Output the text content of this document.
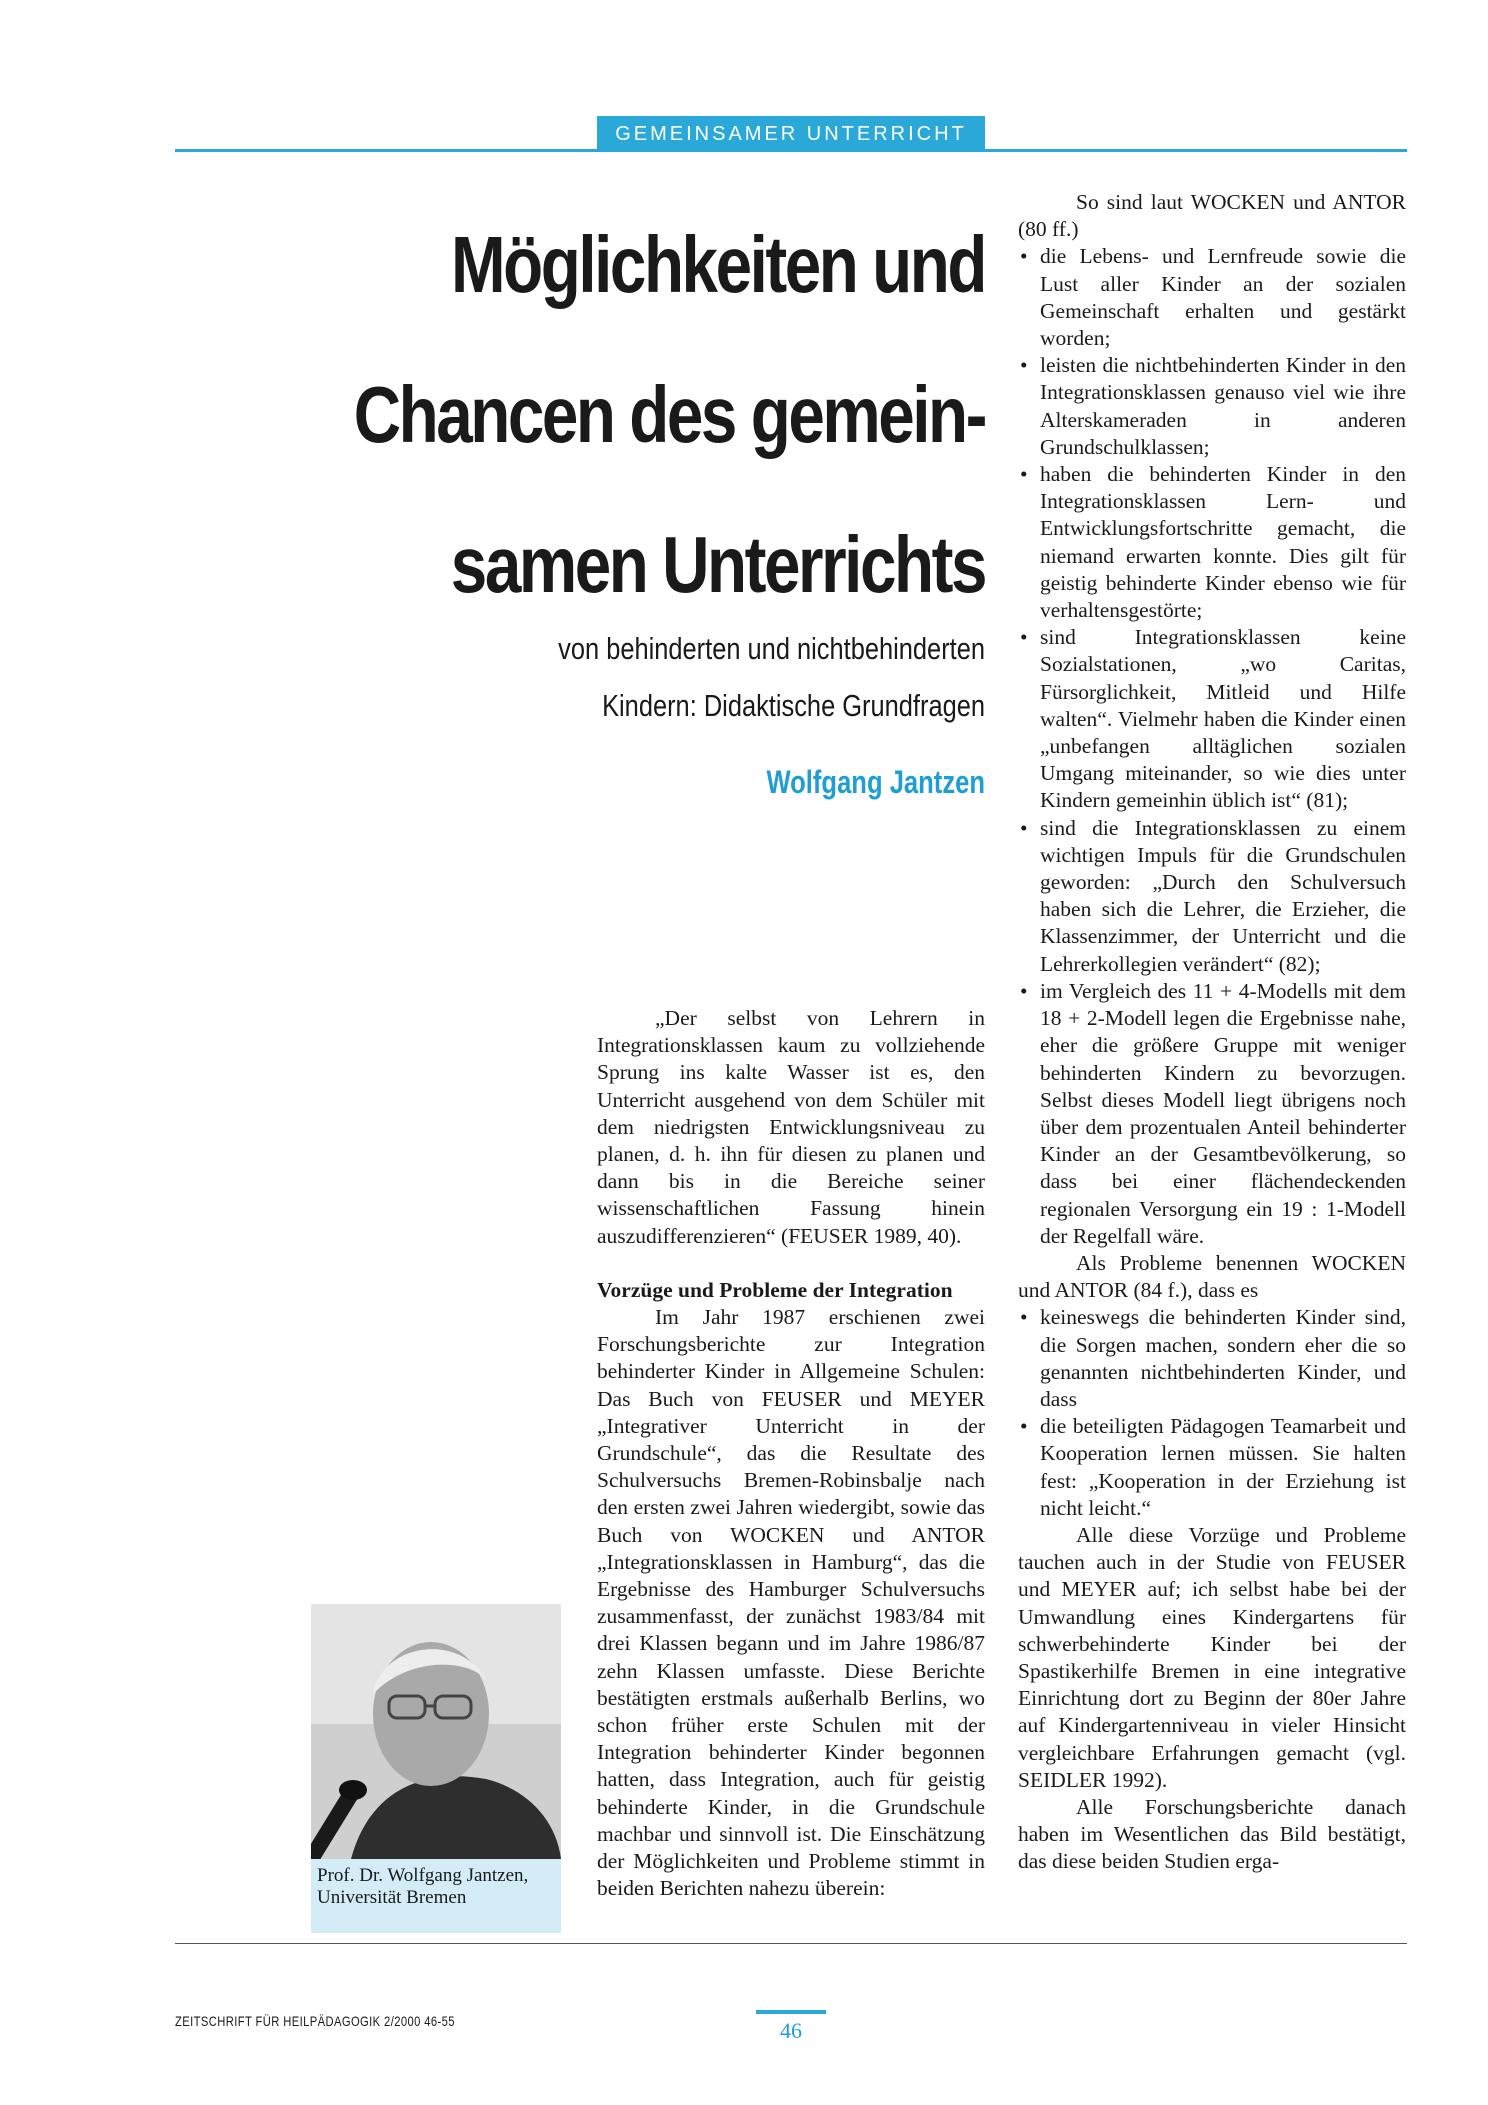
GEMEINSAMER UNTERRICHT
Möglichkeiten und
Chancen des gemein-
samen Unterrichts
von behinderten und nichtbehinderten
Kindern: Didaktische Grundfragen
Wolfgang Jantzen
Prof. Dr. Wolfgang Jantzen, Universität Bremen

„Der selbst von Lehrern in Integrationsklassen kaum zu vollziehende Sprung ins kalte Wasser ist es, den Unterricht ausgehend von dem Schüler mit dem niedrigsten Entwicklungsniveau zu planen, d. h. ihn für diesen zu planen und dann bis in die Bereiche seiner wissenschaftlichen Fassung hinein auszudifferenzieren“ (FEUSER 1989, 40).

Vorzüge und Probleme der Integration

Im Jahr 1987 erschienen zwei Forschungsberichte zur Integration behinderter Kinder in Allgemeine Schulen: Das Buch von FEUSER und MEYER „Integrativer Unterricht in der Grundschule“, das die Resultate des Schulversuchs Bremen-Robinsbalje nach den ersten zwei Jahren wiedergibt, sowie das Buch von WOCKEN und ANTOR „Integrationsklassen in Hamburg“, das die Ergebnisse des Hamburger Schulversuchs zusammenfasst, der zunächst 1983/84 mit drei Klassen begann und im Jahre 1986/87 zehn Klassen umfasste. Diese Berichte bestätigten erstmals außerhalb Berlins, wo schon früher erste Schulen mit der Integration behinderter Kinder begonnen hatten, dass Integration, auch für geistig behinderte Kinder, in die Grundschule machbar und sinnvoll ist. Die Einschätzung der Möglichkeiten und Probleme stimmt in beiden Berichten nahezu überein:

So sind laut WOCKEN und ANTOR (80 ff.)

• die Lebens- und Lernfreude sowie die Lust aller Kinder an der sozialen Gemeinschaft erhalten und gestärkt worden;
• leisten die nichtbehinderten Kinder in den Integrationsklassen genauso viel wie ihre Alterskameraden in anderen Grundschulklassen;
• haben die behinderten Kinder in den Integrationsklassen Lern- und Entwicklungsfortschritte gemacht, die niemand erwarten konnte. Dies gilt für geistig behinderte Kinder ebenso wie für verhaltensgestörte;
• sind Integrationsklassen keine Sozialstationen, „wo Caritas, Fürsorglichkeit, Mitleid und Hilfe walten“. Vielmehr haben die Kinder einen „unbefangen alltäglichen sozialen Umgang miteinander, so wie dies unter Kindern gemeinhin üblich ist“ (81);
• sind die Integrationsklassen zu einem wichtigen Impuls für die Grundschulen geworden: „Durch den Schulversuch haben sich die Lehrer, die Erzieher, die Klassenzimmer, der Unterricht und die Lehrerkollegien verändert“ (82);
• im Vergleich des 11 + 4-Modells mit dem 18 + 2-Modell legen die Ergebnisse nahe, eher die größere Gruppe mit weniger behinderten Kindern zu bevorzugen. Selbst dieses Modell liegt übrigens noch über dem prozentualen Anteil behinderter Kinder an der Gesamtbevölkerung, so dass bei einer flächendeckenden regionalen Versorgung ein 19 : 1-Modell der Regelfall wäre.

Als Probleme benennen WOCKEN und ANTOR (84 f.), dass es

• keineswegs die behinderten Kinder sind, die Sorgen machen, sondern eher die so genannten nichtbehinderten Kinder, und dass
• die beteiligten Pädagogen Teamarbeit und Kooperation lernen müssen. Sie halten fest: „Kooperation in der Erziehung ist nicht leicht.“

Alle diese Vorzüge und Probleme tauchen auch in der Studie von FEUSER und MEYER auf; ich selbst habe bei der Umwandlung eines Kindergartens für schwerbehinderte Kinder bei der Spastikerhilfe Bremen in eine integrative Einrichtung dort zu Beginn der 80er Jahre auf Kindergartenniveau in vieler Hinsicht vergleichbare Erfahrungen gemacht (vgl. SEIDLER 1992).

Alle Forschungsberichte danach haben im Wesentlichen das Bild bestätigt, das diese beiden Studien erga-

ZEITSCHRIFT FÜR HEILPÄDAGOGIK 2/2000 46-55	46
